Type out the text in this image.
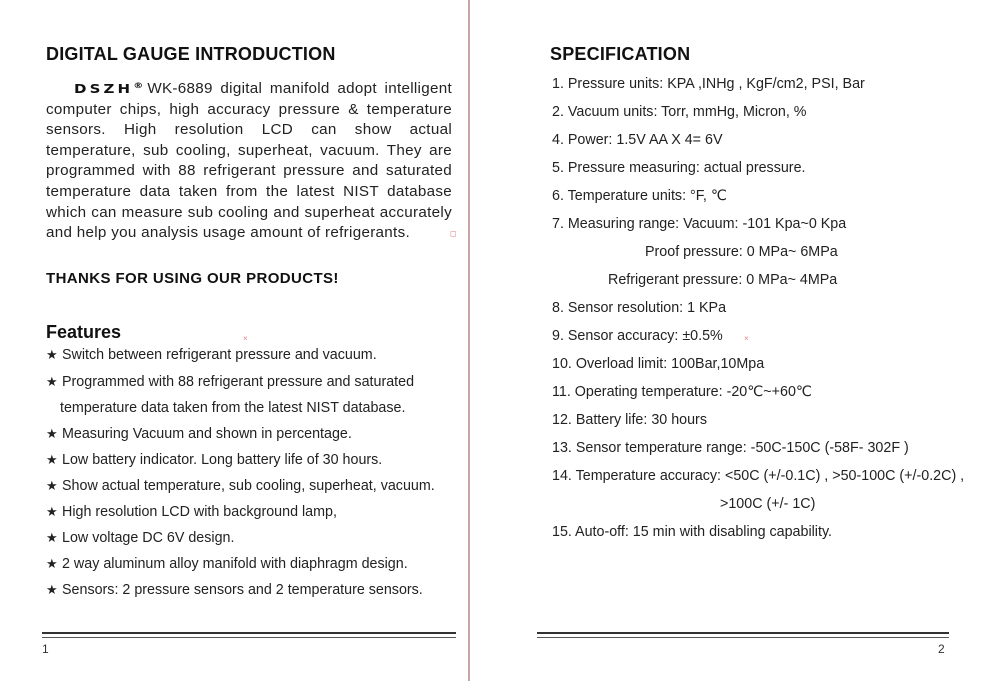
DIGITAL GAUGE INTRODUCTION
DSZH® WK-6889 digital manifold adopt intelligent computer chips, high accuracy pressure & temperature sensors. High resolution LCD can show actual temperature, sub cooling, superheat, vacuum. They are programmed with 88 refrigerant pressure and saturated temperature data taken from the latest NIST database which can measure sub cooling and superheat accurately and help you analysis usage amount of refrigerants.
THANKS FOR USING OUR PRODUCTS!
Features
★ Switch between refrigerant pressure and vacuum.
★ Programmed with 88 refrigerant pressure and saturated
temperature data taken from the latest NIST database.
★ Measuring Vacuum and shown in percentage.
★ Low battery indicator. Long battery life of 30 hours.
★ Show actual temperature, sub cooling, superheat, vacuum.
★ High resolution LCD with background lamp,
★ Low voltage DC 6V design.
★ 2 way aluminum alloy manifold with diaphragm design.
★ Sensors: 2 pressure sensors and 2 temperature sensors.
1
SPECIFICATION
1. Pressure units: KPA ,INHg , KgF/cm2, PSI, Bar
2. Vacuum units: Torr, mmHg, Micron, %
4. Power: 1.5V AA X 4= 6V
5. Pressure measuring: actual pressure.
6. Temperature units: °F, ℃
7. Measuring range: Vacuum: -101 Kpa~0 Kpa
Proof pressure: 0 MPa~ 6MPa
Refrigerant pressure: 0 MPa~ 4MPa
8. Sensor resolution: 1 KPa
9. Sensor accuracy: ±0.5%
10. Overload limit: 100Bar,10Mpa
11. Operating temperature: -20℃~+60℃
12. Battery life: 30 hours
13. Sensor temperature range: -50C-150C (-58F- 302F )
14. Temperature accuracy: <50C (+/-0.1C) , >50-100C (+/-0.2C) ,
>100C (+/- 1C)
15. Auto-off: 15 min with disabling capability.
2
◻
×	×
